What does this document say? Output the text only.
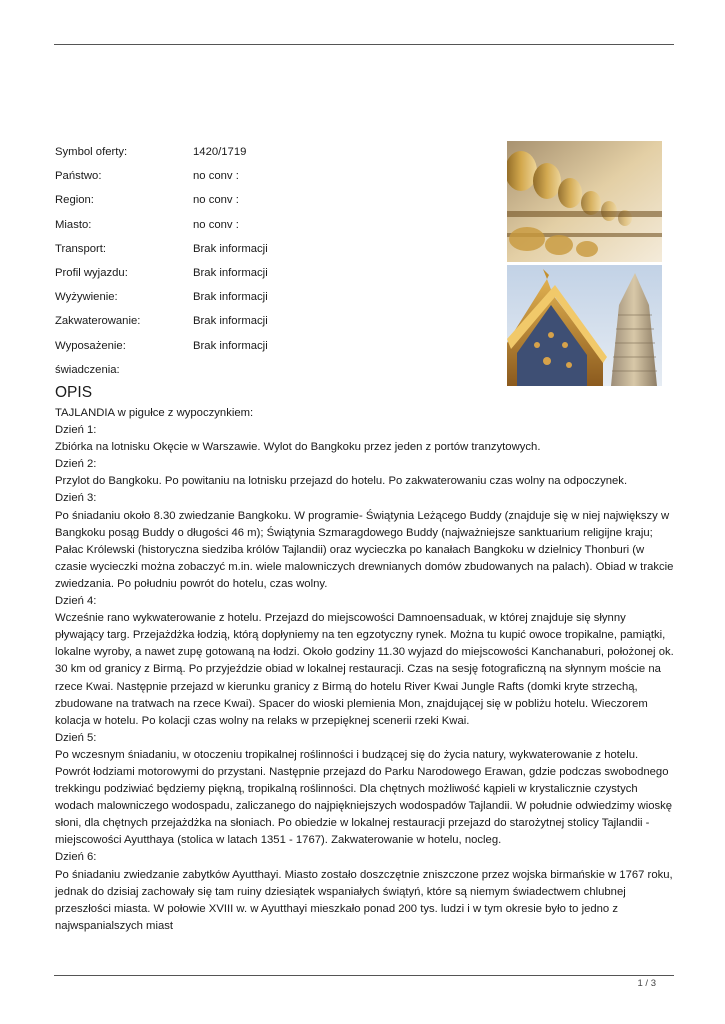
Symbol oferty:	1420/1719
Państwo:	no conv :
Region:	no conv :
Miasto:	no conv :
Transport:	Brak informacji
Profil wyjazdu:	Brak informacji
Wyżywienie:	Brak informacji
Zakwaterowanie:	Brak informacji
Wyposażenie:	Brak informacji
świadczenia:
OPIS

TAJLANDIA w pigułce z wypoczynkiem:

Dzień 1:

Zbiórka na lotnisku Okęcie w Warszawie. Wylot do Bangkoku przez jeden z portów tranzytowych.

Dzień 2:

Przylot do Bangkoku. Po powitaniu na lotnisku przejazd do hotelu. Po zakwaterowaniu czas wolny na odpoczynek.

Dzień 3:

Po śniadaniu około 8.30 zwiedzanie Bangkoku. W programie- Świątynia Leżącego Buddy (znajduje się w niej największy w Bangkoku posąg Buddy o długości 46 m); Świątynia Szmaragdowego Buddy (najważniejsze sanktuarium religijne kraju; Pałac Królewski (historyczna siedziba królów Tajlandii) oraz wycieczka po kanałach Bangkoku w dzielnicy Thonburi (w czasie wycieczki można zobaczyć m.in. wiele malowniczych drewnianych domów zbudowanych na palach). Obiad w trakcie zwiedzania. Po południu powrót do hotelu, czas wolny.

Dzień 4:

Wcześnie rano wykwaterowanie z hotelu. Przejazd do miejscowości Damnoensaduak, w której znajduje się słynny pływający targ. Przejażdżka łodzią, którą dopłyniemy na ten egzotyczny rynek. Można tu kupić owoce tropikalne, pamiątki, lokalne wyroby, a nawet zupę gotowaną na łodzi. Około godziny 11.30 wyjazd do miejscowości Kanchanaburi, położonej ok. 30 km od granicy z Birmą. Po przyjeździe obiad w lokalnej restauracji. Czas na sesję fotograficzną na słynnym moście na rzece Kwai. Następnie przejazd w kierunku granicy z Birmą do hotelu River Kwai Jungle Rafts (domki kryte strzechą, zbudowane na tratwach na rzece Kwai). Spacer do wioski plemienia Mon, znajdującej się w pobliżu hotelu. Wieczorem kolacja w hotelu. Po kolacji czas wolny na relaks w przepięknej scenerii rzeki Kwai.

Dzień 5:

Po wczesnym śniadaniu, w otoczeniu tropikalnej roślinności i budzącej się do życia natury, wykwaterowanie z hotelu. Powrót łodziami motorowymi do przystani. Następnie przejazd do Parku Narodowego Erawan, gdzie podczas swobodnego trekkingu podziwiać będziemy piękną, tropikalną roślinności. Dla chętnych możliwość kąpieli w krystalicznie czystych wodach malowniczego wodospadu, zaliczanego do najpiękniejszych wodospadów Tajlandii. W południe odwiedzimy wioskę słoni, dla chętnych przejażdżka na słoniach. Po obiedzie w lokalnej restauracji przejazd do starożytnej stolicy Tajlandii - miejscowości Ayutthaya (stolica w latach 1351 - 1767). Zakwaterowanie w hotelu, nocleg.

Dzień 6:

Po śniadaniu zwiedzanie zabytków Ayutthayi. Miasto zostało doszczętnie zniszczone przez wojska birmańskie w 1767 roku, jednak do dzisiaj zachowały się tam ruiny dziesiątek wspaniałych świątyń, które są niemym świadectwem chlubnej przeszłości miasta. W połowie XVIII w. w Ayutthayi mieszkało ponad 200 tys. ludzi i w tym okresie było to jedno z najwspanialszych miast

1 / 3
